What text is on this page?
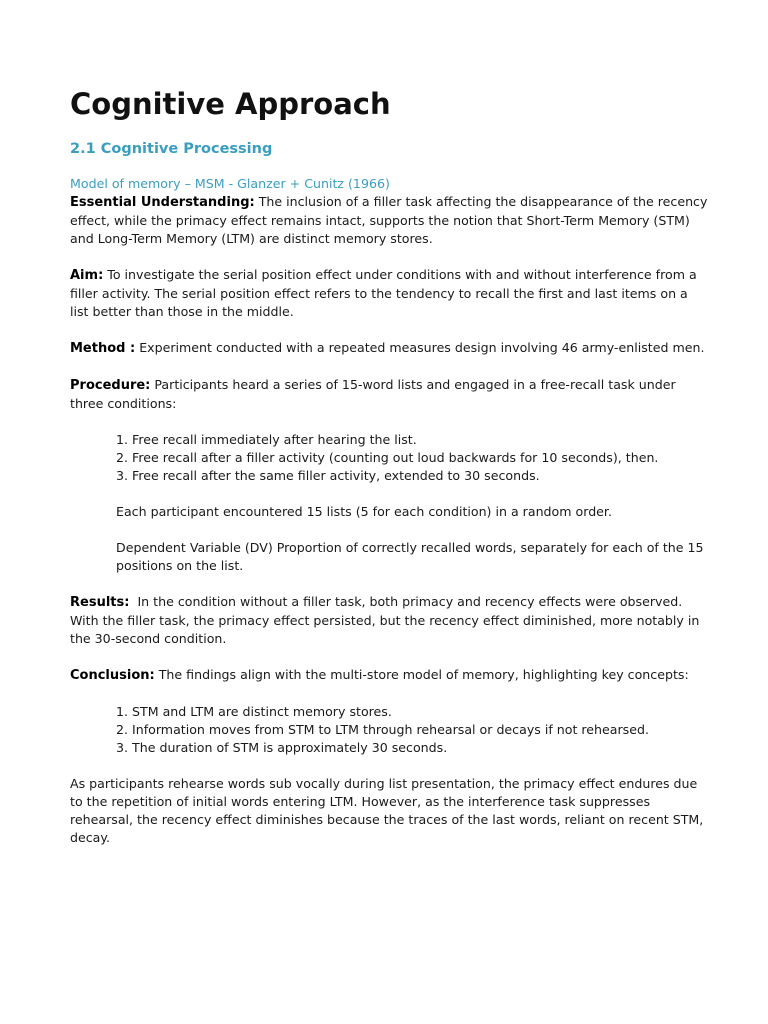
Cognitive Approach
2.1 Cognitive Processing

Model of memory – MSM - Glanzer + Cunitz (1966)

Essential Understanding: The inclusion of a filler task affecting the disappearance of the recency effect, while the primacy effect remains intact, supports the notion that Short-Term Memory (STM) and Long-Term Memory (LTM) are distinct memory stores.

Aim: To investigate the serial position effect under conditions with and without interference from a filler activity. The serial position effect refers to the tendency to recall the first and last items on a list better than those in the middle.

Method : Experiment conducted with a repeated measures design involving 46 army-enlisted men.

Procedure: Participants heard a series of 15-word lists and engaged in a free-recall task under three conditions:

1. Free recall immediately after hearing the list.
2. Free recall after a filler activity (counting out loud backwards for 10 seconds), then.
3. Free recall after the same filler activity, extended to 30 seconds.

Each participant encountered 15 lists (5 for each condition) in a random order.

Dependent Variable (DV) Proportion of correctly recalled words, separately for each of the 15 positions on the list.

Results:  In the condition without a filler task, both primacy and recency effects were observed. With the filler task, the primacy effect persisted, but the recency effect diminished, more notably in the 30-second condition.

Conclusion: The findings align with the multi-store model of memory, highlighting key concepts:

1. STM and LTM are distinct memory stores.
2. Information moves from STM to LTM through rehearsal or decays if not rehearsed.
3. The duration of STM is approximately 30 seconds.

As participants rehearse words sub vocally during list presentation, the primacy effect endures due to the repetition of initial words entering LTM. However, as the interference task suppresses rehearsal, the recency effect diminishes because the traces of the last words, reliant on recent STM, decay.
